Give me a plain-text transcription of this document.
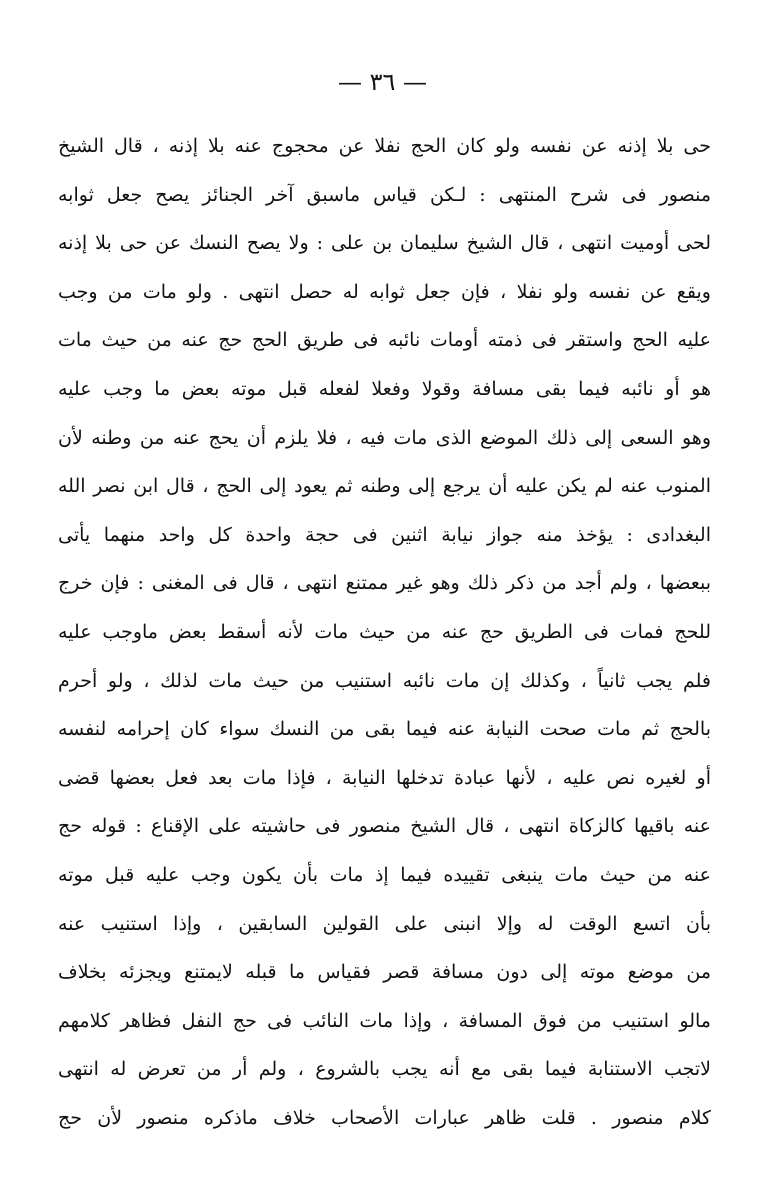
— ٣٦ —
حى بلا إذنه عن نفسه ولو كان الحج نفلا عن محجوج عنه بلا إذنه ، قال الشيخ
منصور فى شرح المنتهى : لـكن قياس ماسبق آخر الجنائز يصح جعل ثوابه
لحى أوميت انتهى ، قال الشيخ سليمان بن على : ولا يصح النسك عن حى بلا إذنه
ويقع عن نفسه ولو نفلا ، فإن جعل ثوابه له حصل انتهى . ولو مات من وجب
عليه الحج واستقر فى ذمته أومات نائبه فى طريق الحج حج عنه من حيث مات
هو أو نائبه فيما بقى مسافة وقولا وفعلا لفعله قبل موته بعض ما وجب عليه
وهو السعى إلى ذلك الموضع الذى مات فيه ، فلا يلزم أن يحج عنه من وطنه لأن
المنوب عنه لم يكن عليه أن يرجع إلى وطنه ثم يعود إلى الحج ، قال ابن نصر الله
البغدادى : يؤخذ منه جواز نيابة اثنين فى حجة واحدة كل واحد منهما يأتى
ببعضها ، ولم أجد من ذكر ذلك وهو غير ممتنع انتهى ، قال فى المغنى : فإن خرج
للحج فمات فى الطريق حج عنه من حيث مات لأنه أسقط بعض ماوجب عليه
فلم يجب ثانياً ، وكذلك إن مات نائبه استنيب من حيث مات لذلك ، ولو أحرم
بالحج ثم مات صحت النيابة عنه فيما بقى من النسك سواء كان إحرامه لنفسه
أو لغيره نص عليه ، لأنها عبادة تدخلها النيابة ، فإذا مات بعد فعل بعضها قضى
عنه باقيها كالزكاة انتهى ، قال الشيخ منصور فى حاشيته على الإقناع : قوله حج
عنه من حيث مات ينبغى تقييده فيما إذ مات بأن يكون وجب عليه قبل موته
بأن اتسع الوقت له وإلا انبنى على القولين السابقين ، وإذا استنيب عنه
من موضع موته إلى دون مسافة قصر فقياس ما قبله لايمتنع ويجزئه بخلاف
مالو استنيب من فوق المسافة ، وإذا مات النائب فى حج النفل فظاهر كلامهم
لاتجب الاستنابة فيما بقى مع أنه يجب بالشروع ، ولم أر من تعرض له انتهى
كلام منصور . قلت ظاهر عبارات الأصحاب خلاف ماذكره منصور لأن حج
